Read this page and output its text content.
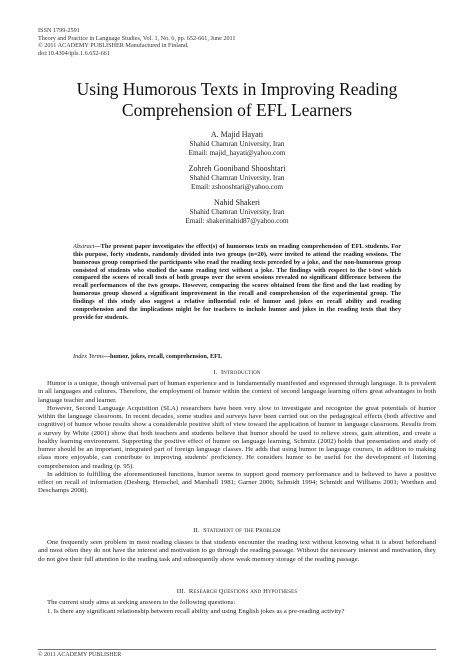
ISSN 1799-2591
Theory and Practice in Language Studies, Vol. 1, No. 6, pp. 652-661, June 2011
© 2011 ACADEMY PUBLISHER Manufactured in Finland.
doi:10.4304/tpls.1.6.652-661
Using Humorous Texts in Improving Reading
Comprehension of EFL Learners
A. Majid Hayati
Shahid Chamran University, Iran
Email: majid_hayati@yahoo.com
Zohreh Gooniband Shooshtari
Shahid Chamran University, Iran
Email: zshooshtari@yahoo.com
Nahid Shakeri
Shahid Chamran University, Iran
Email: shakerinahid87@yahoo.com
Abstract—The present paper investigates the effect(s) of humorous texts on reading comprehension of EFL students. For this purpose, forty students, randomly divided into two groups (n=20), were invited to attend the reading sessions. The humorous group comprised the participants who read the reading texts preceded by a joke, and the non-humorous group consisted of students who studied the same reading text without a joke. The findings with respect to the t-test which compared the scores of recall tests of both groups over the seven sessions revealed no significant difference between the recall performances of the two groups. However, comparing the scores obtained from the first and the last reading by humorous group showed a significant improvement in the recall and comprehension of the experimental group. The findings of this study also suggest a relative influential role of humor and jokes on recall ability and reading comprehension and the implications might be for teachers to include humor and jokes in the reading texts that they provide for students.
Index Terms—humor, jokes, recall, comprehension, EFL
I. Introduction

Humor is a unique, though universal part of human experience and is fundamentally manifested and expressed through language. It is prevalent in all languages and cultures. Therefore, the employment of humor within the context of second language learning offers great advantages to both language teacher and learner.

However, Second Language Acquisition (SLA) researchers have been very slow to investigate and recognize the great potentials of humor within the language classroom. In recent decades, some studies and surveys have been carried out on the pedagogical effects (both affective and cognitive) of humor whose results show a considerable positive shift of view toward the application of humor in language classroom. Results from a survey by White (2001) show that both teachers and students believe that humor should be used to relieve stress, gain attention, and create a healthy learning environment. Supporting the positive effect of humor on language learning, Schmitz (2002) holds that presentation and study of humor should be an important, integrated part of foreign language classes. He adds that using humor in language courses, in addition to making class more enjoyable, can contribute to improving students' proficiency. He considers humor to be useful for the development of listening comprehension and reading (p. 95).

In addition to fulfilling the aforementioned functions, humor seems to support good memory performance and is believed to have a positive effect on recall of information (Desberg, Henschel, and Marshall 1981; Garner 2006; Schmidt 1994; Schmidt and Williams 2001; Worthen and Deschamps 2008).

II. Statement of the Problem

One frequently seen problem in most reading classes is that students encounter the reading text without knowing what it is about beforehand and most often they do not have the interest and motivation to go through the reading passage. Without the necessary interest and motivation, they do not give their full attention to the reading task and subsequently show weak memory storage of the reading passage.

III. Research Questions and Hypotheses

The current study aims at seeking answers to the following questions:

1. Is there any significant relationship between recall ability and using English jokes as a pre-reading activity?
© 2011 ACADEMY PUBLISHER
